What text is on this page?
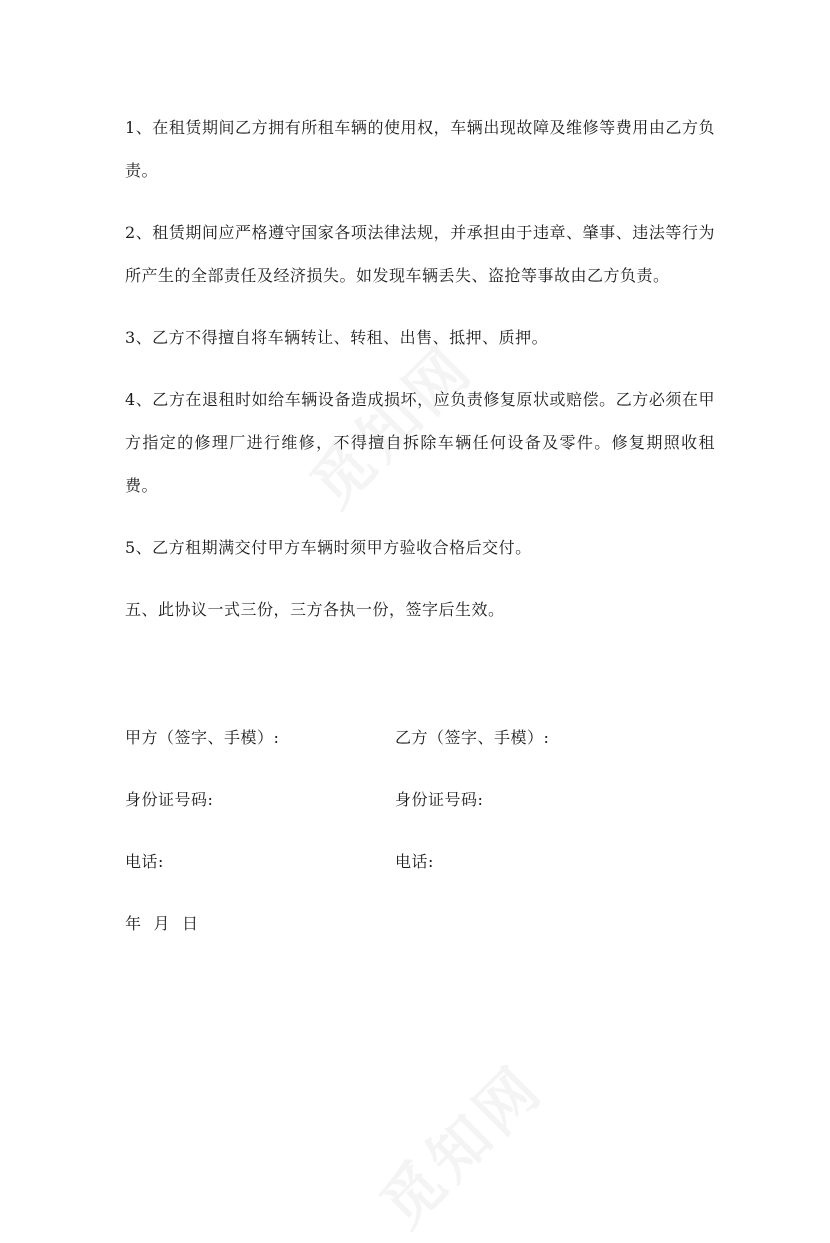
1、在租赁期间乙方拥有所租车辆的使用权，车辆出现故障及维修等费用由乙方负责。

2、租赁期间应严格遵守国家各项法律法规，并承担由于违章、肇事、违法等行为所产生的全部责任及经济损失。如发现车辆丢失、盗抢等事故由乙方负责。

3、乙方不得擅自将车辆转让、转租、出售、抵押、质押。

4、乙方在退租时如给车辆设备造成损坏，应负责修复原状或赔偿。乙方必须在甲方指定的修理厂进行维修，不得擅自拆除车辆任何设备及零件。修复期照收租费。

5、乙方租期满交付甲方车辆时须甲方验收合格后交付。

五、此协议一式三份，三方各执一份，签字后生效。

甲方（签字、手模）:	乙方（签字、手模）:
身份证号码:	身份证号码:
电话:	电话:
年 月 日
